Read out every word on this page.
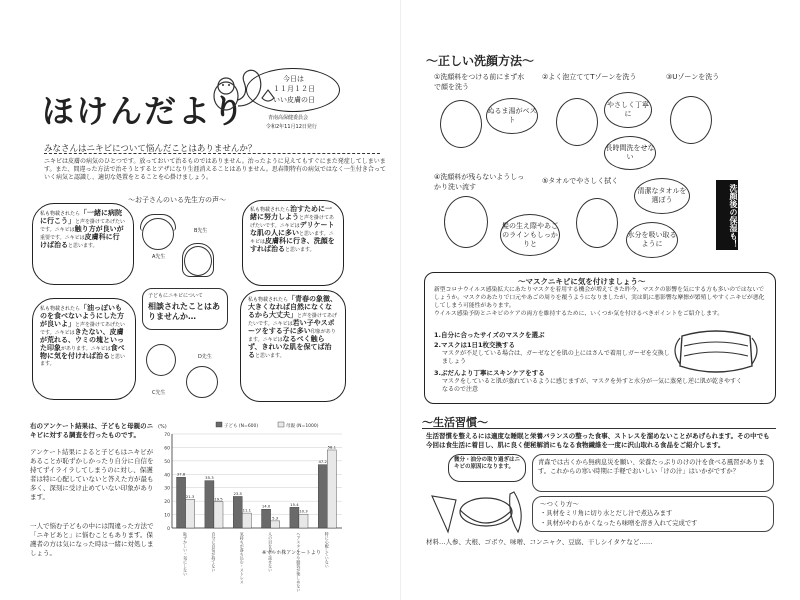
ほけんだより
今日は
１１月１２日
いい皮膚の日
青南高保健委員会
令和2年11月12日発行
みなさんはニキビについて悩んだことはありませんか？
ニキビは皮膚の病気のひとつです。放っておいて治るものではありません。治ったように見えてもすぐにまた発症してしまいます。また、間違った方法で治そうとするとアザになり生涯消えることはありません。思春期特有の病気ではなく一生付き合っていく病気と認識し、適切な処置をとることを心掛けましょう。
～お子さんのいる先生方の声～
私も物載されたら「一緒に病院に行こう」と声を掛けてあげたいです。ニキビは触り方が良いが重要です。ニキビは皮膚科に行けば治ると思います。
A先生
B先生
私も物載されたら治すために一緒に努力しようと声を掛けてあげたいです。ニキビはデリケートな肌の人に多いと思います。ニキビは皮膚科に行き、洗顔をすれば治ると思います。
私も物載されたら「油っぽいものを食べないようにした方が良いよ」と声を掛けてあげたいです。ニキビはきたない、皮膚が荒れる、ウミの塊といった印象があります。ニキビは食べ物に気を付ければ治ると思います。
子どもにニキビについて
相談されたことはありませんか…
私も物載されたら「青春の象徴、大きくなれば自然になくなるから大丈夫」と声を掛けてあげたいです。ニキビは若い子やスポーツをする子に多い印象があります。ニキビはなるべく触らず、きれいな肌を保てば治ると思います。
C先生
D先生
右のアンケート結果は、子どもと母親のニキビに対する調査を行ったものです。
アンケート結果によると子どもはニキビがあることが恥ずかしかったり自分に自信を持てずイライラしてしまうのに対し、保護者は特に心配していないと答えた方が最も多く、深刻に受け止めていない印象があります。
一人で悩む子どもの中には間違った方法で「ニキビあと」に悩むこともあります。保護者の方は気になった時は一緒に対処しましょう。
(%)
0
10
20
30
40
50
60
70
子ども (N=600)	母親 (N=1000)
37.8
21.3
恥ずかしい・気にしない
35.3
19.5
自分に自信が持てない
23.5
11.1
気持ちが落ち込む・ストレス
14.0
5.3
人の目を見て話せない
15.4
10.3
ヘアスタイルや服装が楽しめない
47.2
58.1
特に心配していない
※マルホ株アンケートより
～正しい洗顔方法～
①洗顔料をつける前にまず水で顔を洗う
②よく泡立ててTゾーンを洗う	③Uゾーンを洗う
④洗顔料が残らないようしっかり洗い流す
⑤タオルでやさしく拭く
ぬるま湯がベスト
やさしく丁寧に
長時間洗をせない
清潔なタオルを選ぼう
髪の生え際やあごのラインもしっかりと
水分を吸い取るように	洗顔後の保湿も！
～マスクニキビに気を付けましょう～
新型コロナウイルス感染拡大にあたりマスクを着用する機会が増えてきた昨今、マスクの影響を気にする方も多いのではないでしょうか。マスクのあたりで口元やあごの周りを覆うようになりましたが、実は肌に悪影響な摩擦が繁殖しやすくニキビが悪化してしまう可能性があります。
ウイルス感染予防とニキビのケアの両方を維持するために、いくつか気を付けるべきポイントをご紹介します。
1.自分に合ったサイズのマスクを選ぶ
2.マスクは1日1枚交換する
マスクが不足している場合は、ガーゼなどを肌の上にはさんで着用しガーゼを交換しましょう
3.ぶだんより丁寧にスキンケアをする
マスクをしていると肌が蒸れているように感じますが、マスクを外すと水分が一気に蒸発し逆に肌が乾きやすくなるので注意
～生活習慣～
生活習慣を整えるには適度な睡眠と栄養バランスの整った食事、ストレスを溜めないことがあげられます。その中でも今回は食生活に着目し、肌に良く便秘解消にもなる食物繊維を一度に沢山取れる食品をご紹介します。
微分・油分の取り過ぎはニキビの原因になります。
青森では古くから無病息災を願い、栄養たっぷりのけの汁を食べる風習があります。これからの寒い時期に手軽でおいしい「けの汁」はいかがですか？
～つくり方～
・具材をミリ角に切り水とだし汁で煮込みます
・具材がやわらかくなったら味噌を溶き入れて完成です
材料…人参、大根、ゴボウ、味噌、コンニャク、豆腐、干しシイタケなど……
